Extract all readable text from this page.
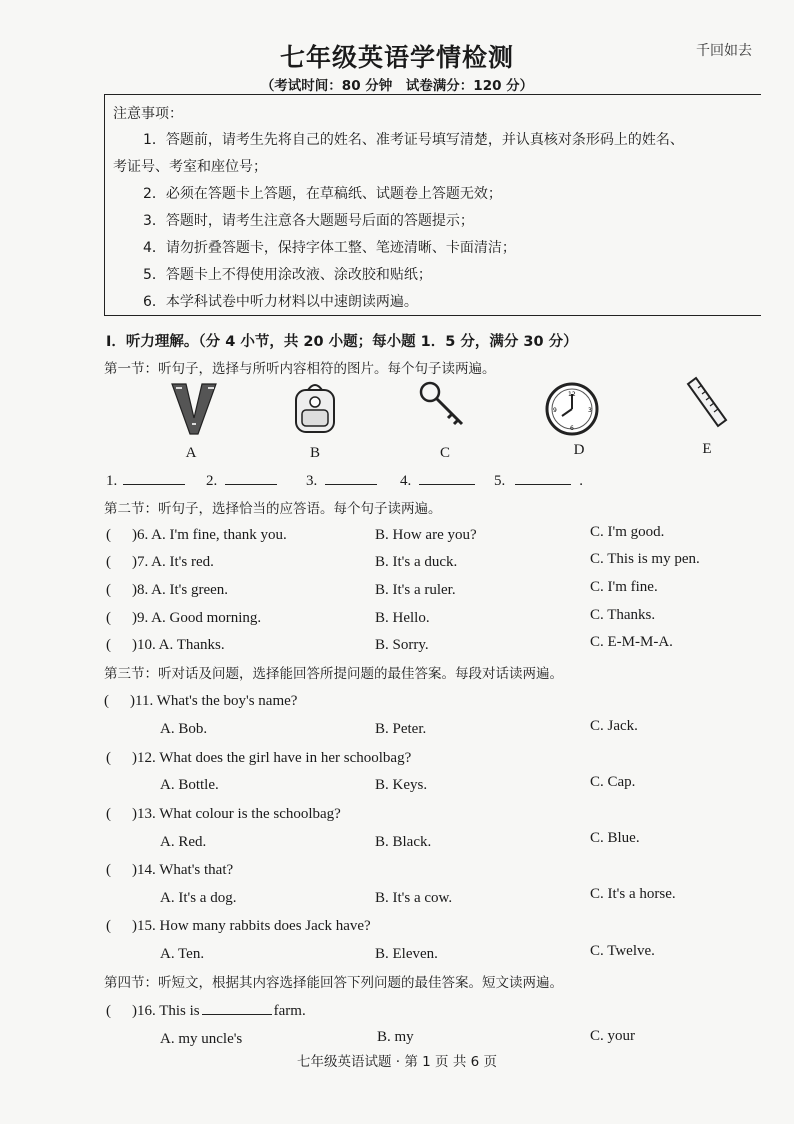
七年级英语学情检测	千回如去
（考试时间：80 分钟　试卷满分：120 分）
注意事项：
1．答题前，请考生先将自己的姓名、准考证号填写清楚，并认真核对条形码上的姓名、
考证号、考室和座位号；
2．必须在答题卡上答题，在草稿纸、试题卷上答题无效；
3．答题时，请考生注意各大题题号后面的答题提示；
4．请勿折叠答题卡，保持字体工整、笔迹清晰、卡面清洁；
5．答题卡上不得使用涂改液、涂改胶和贴纸；
6．本学科试卷中听力材料以中速朗读两遍。
I．听力理解。（分 4 小节，共 20 小题；每小题 1．5 分，满分 30 分）
第一节：听句子，选择与所听内容相符的图片。每个句子读两遍。
12
3
6
9
A	B	C	D	E
1.	2.	3.	4.	5.	.
第二节：听句子，选择恰当的应答语。每个句子读两遍。
( )6. A. I'm fine, thank you.	B. How are you?	C. I'm good.
( )7. A. It's red.	B. It's a duck.	C. This is my pen.
( )8. A. It's green.	B. It's a ruler.	C. I'm fine.
( )9. A. Good morning.	B. Hello.	C. Thanks.
( )10. A. Thanks.	B. Sorry.	C. E-M-M-A.
第三节：听对话及问题，选择能回答所提问题的最佳答案。每段对话读两遍。
( )11. What's the boy's name?
A. Bob.	B. Peter.	C. Jack.
( )12. What does the girl have in her schoolbag?
A. Bottle.	B. Keys.	C. Cap.
( )13. What colour is the schoolbag?
A. Red.	B. Black.	C. Blue.
( )14. What's that?
A. It's a dog.	B. It's a cow.	C. It's a horse.
( )15. How many rabbits does Jack have?
A. Ten.	B. Eleven.	C. Twelve.
第四节：听短文，根据其内容选择能回答下列问题的最佳答案。短文读两遍。
( )16. This is	farm.
A. my uncle's	B. my	C. your
七年级英语试题 · 第 1 页 共 6 页
